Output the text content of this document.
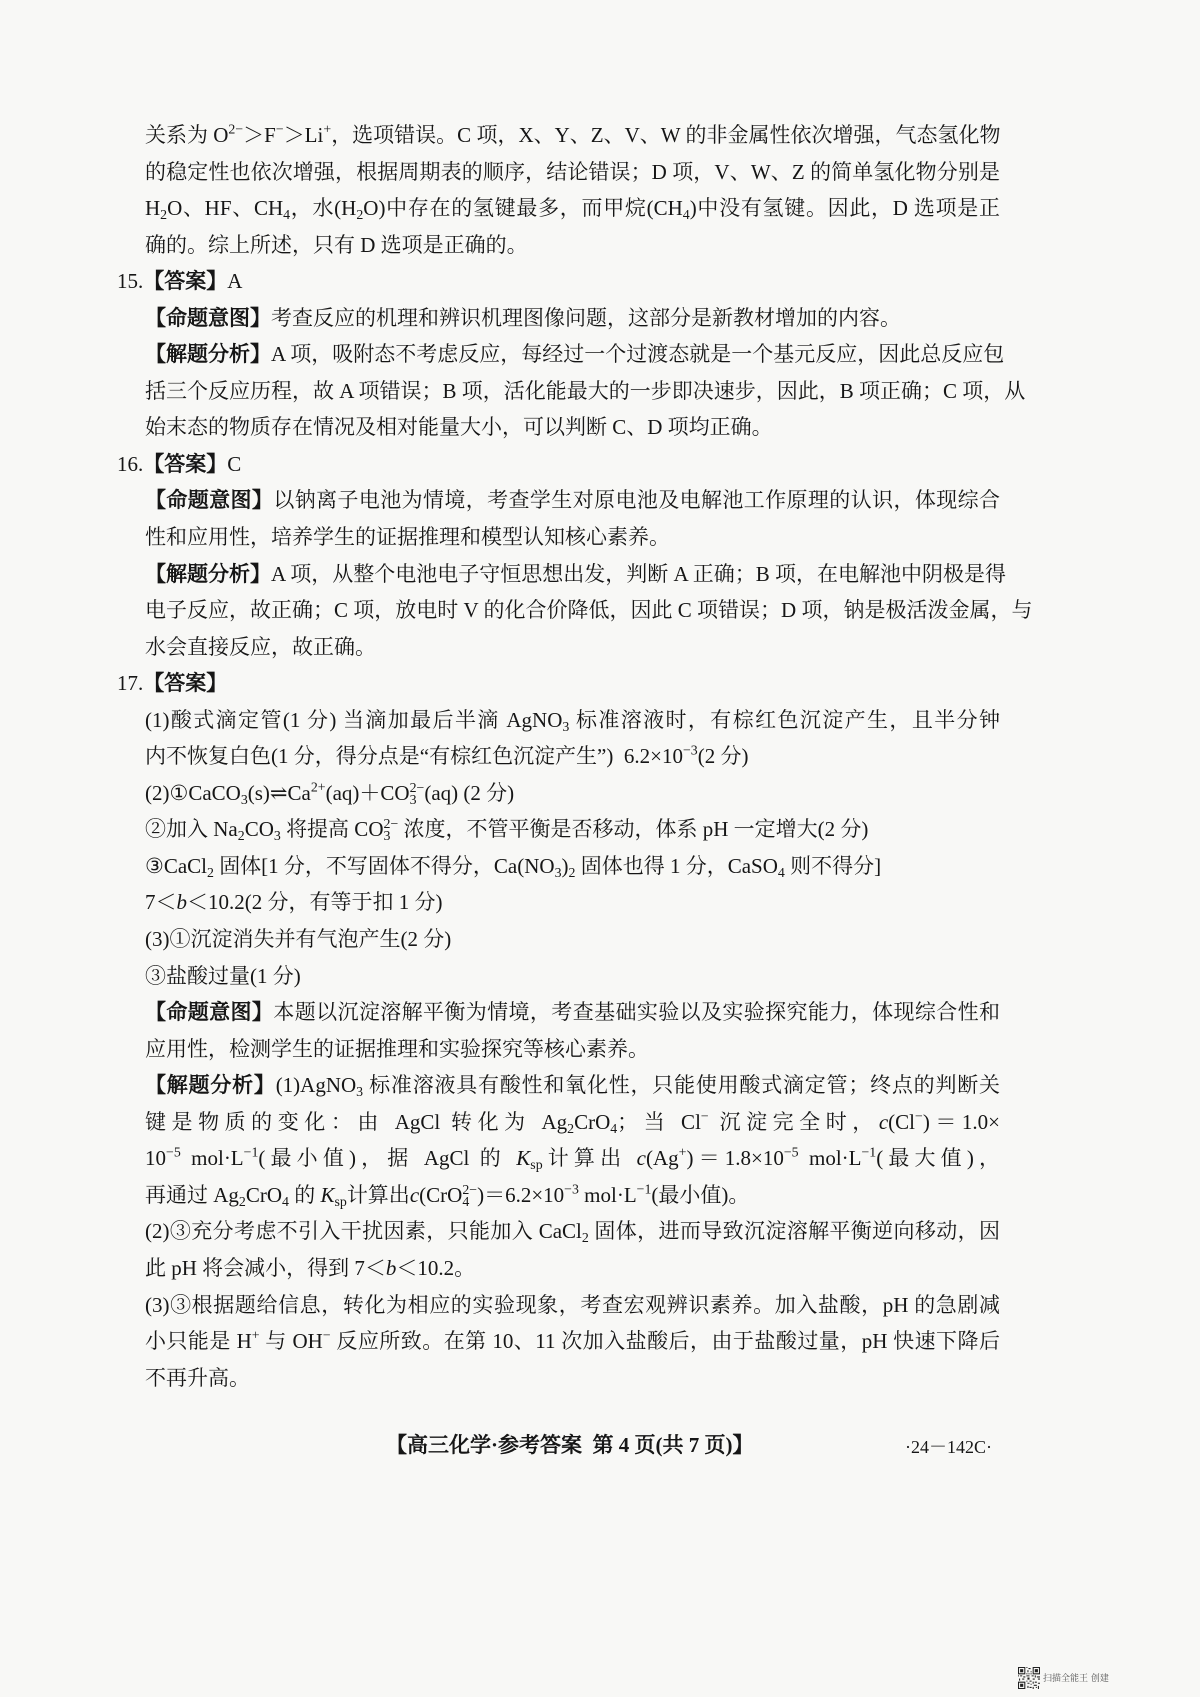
关系为 $O^{2-}>F^->Li^+$，选项错误。C 项，X、Y、Z、V、W 的非金属性依次增强，气态氢化物
的稳定性也依次增强，根据周期表的顺序，结论错误；D 项，V、W、Z 的简单氢化物分别是
$H_2O$、HF、$CH_4$，水$(H_2O)$中存在的氢键最多，而甲烷$(CH_4)$中没有氢键。因此，D 选项是正
确的。综上所述，只有 D 选项是正确的。
15.【答案】A
【命题意图】考查反应的机理和辨识机理图像问题，这部分是新教材增加的内容。
【解题分析】A 项，吸附态不考虑反应，每经过一个过渡态就是一个基元反应，因此总反应包
括三个反应历程，故 A 项错误；B 项，活化能最大的一步即决速步，因此，B 项正确；C 项，从
始末态的物质存在情况及相对能量大小，可以判断 C、D 项均正确。
16.【答案】C
【命题意图】以钠离子电池为情境，考查学生对原电池及电解池工作原理的认识，体现综合
性和应用性，培养学生的证据推理和模型认知核心素养。
【解题分析】A 项，从整个电池电子守恒思想出发，判断 A 正确；B 项，在电解池中阴极是得
电子反应，故正确；C 项，放电时 V 的化合价降低，因此 C 项错误；D 项，钠是极活泼金属，与
水会直接反应，故正确。
17.【答案】
(1)酸式滴定管(1 分) 当滴加最后半滴 AgNO$_3$ 标准溶液时，有棕红色沉淀产生，且半分钟
内不恢复白色(1 分，得分点是“有棕红色沉淀产生”)  $6.2\times 10^{-3}(2$ 分)
$(2)①CaCO_3(s)\rightleftharpoons Ca^{2+}(aq)+CO_3^{2-}(aq)$ (2 分)
②加入 $Na_2CO_3$ 将提高 $CO_3^{2-}$ 浓度，不管平衡是否移动，体系 pH 一定增大(2 分)
③CaCl$_2$ 固体[1 分，不写固体不得分，$Ca(NO_3)_2$ 固体也得 1 分，CaSO$_4$ 则不得分]
7＜b＜10.2(2 分，有等于扣 1 分)
(3)①沉淀消失并有气泡产生(2 分)
③盐酸过量(1 分)
【命题意图】本题以沉淀溶解平衡为情境，考查基础实验以及实验探究能力，体现综合性和
应用性，检测学生的证据推理和实验探究等核心素养。
【解题分析】(1)AgNO$_3$ 标准溶液具有酸性和氧化性，只能使用酸式滴定管；终点的判断关
键是物质的变化：由 AgCl 转化为 $Ag_2CrO_4$；当 Cl− 沉淀完全时，c(Cl−)＝1.0×
$10^{-5}$ $mol\cdot L^{-1}$(最小值)，据 AgCl 的 $K_{sp}$计算出 $c(Ag^+)=1.8\times 10^{-5}$ $mol\cdot L^{-1}$(最大值)，
再通过 $Ag_2CrO_4$ 的 $K_{sp}$计算出$c(CrO_4^{2-})=6.2\times 10^{-3}$ $mol\cdot L^{-1}$(最小值)。
(2)③充分考虑不引入干扰因素，只能加入 CaCl$_2$ 固体，进而导致沉淀溶解平衡逆向移动，因
此 pH 将会减小，得到 7＜b＜10.2。
(3)③根据题给信息，转化为相应的实验现象，考查宏观辨识素养。加入盐酸，pH 的急剧减
小只能是 H+ 与 OH− 反应所致。在第 10、11 次加入盐酸后，由于盐酸过量，pH 快速下降后
不再升高。
【高三化学·参考答案  第 4 页(共 7 页)】	·24－142C·
扫描全能王 创建
